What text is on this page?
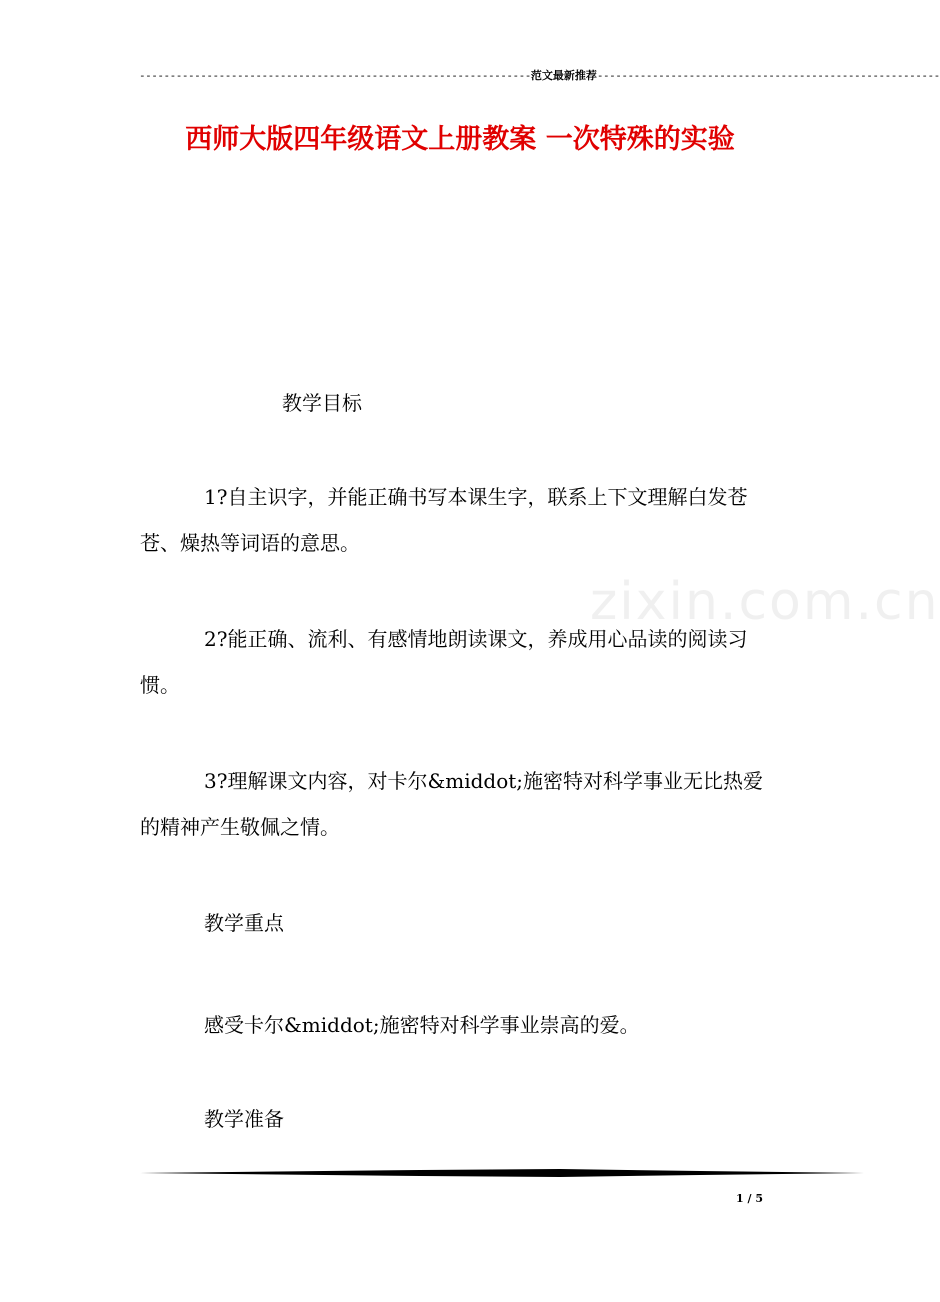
----------------------------------------------------------------范文最新推荐--------------------------------------------------------
西师大版四年级语文上册教案 一次特殊的实验
zixin.com.cn
教学目标
1?自主识字，并能正确书写本课生字，联系上下文理解白发苍苍、燥热等词语的意思。
2?能正确、流利、有感情地朗读课文，养成用心品读的阅读习惯。
3?理解课文内容，对卡尔&middot;施密特对科学事业无比热爱的精神产生敬佩之情。
教学重点
感受卡尔&middot;施密特对科学事业崇高的爱。
教学准备
1 / 5
